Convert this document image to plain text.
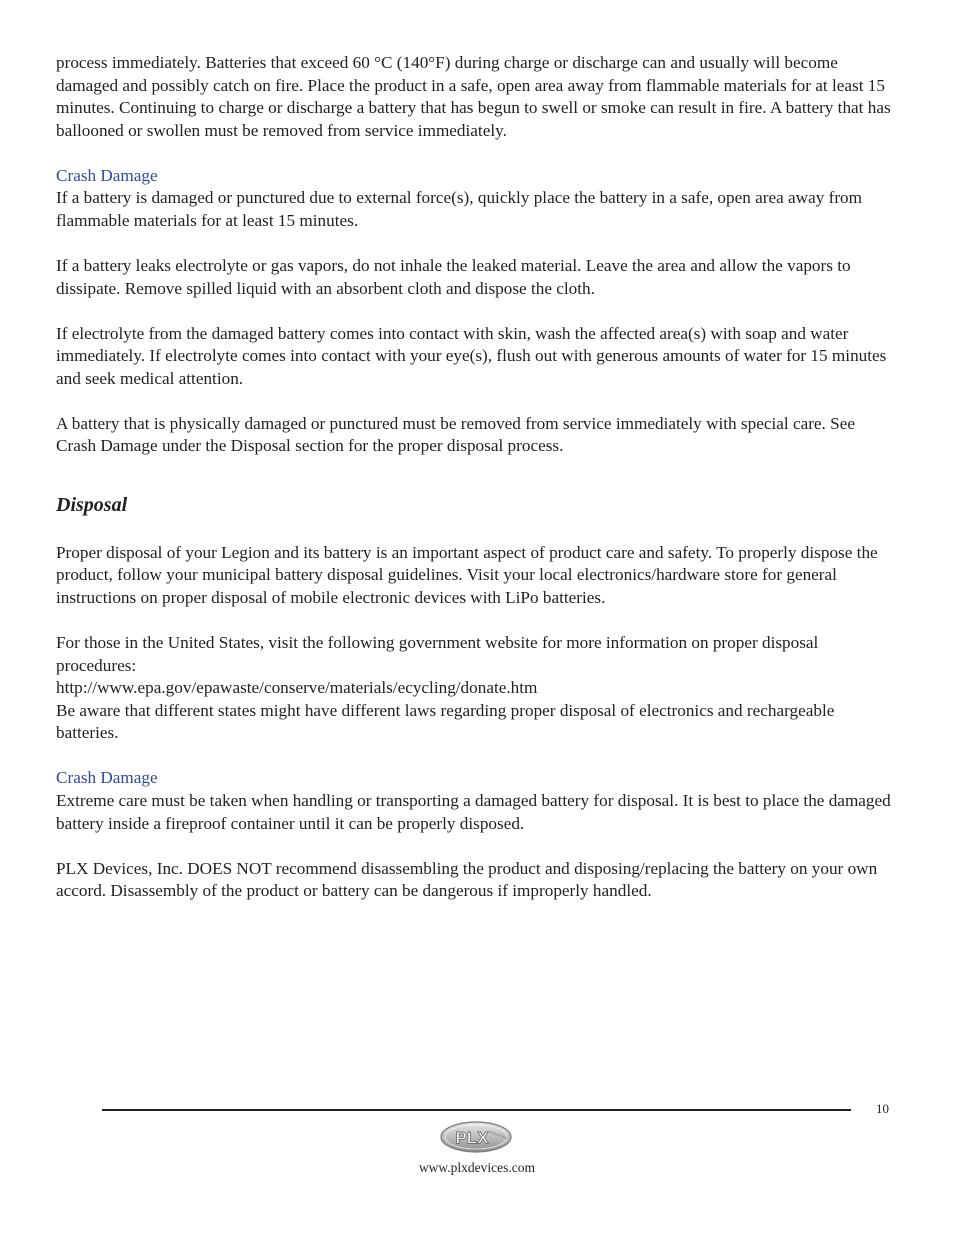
process immediately. Batteries that exceed 60 °C (140°F) during charge or discharge can and usually will become damaged and possibly catch on fire. Place the product in a safe, open area away from flammable materials for at least 15 minutes. Continuing to charge or discharge a battery that has begun to swell or smoke can result in fire. A battery that has ballooned or swollen must be removed from service immediately.

Crash Damage

If a battery is damaged or punctured due to external force(s), quickly place the battery in a safe, open area away from flammable materials for at least 15 minutes.

If a battery leaks electrolyte or gas vapors, do not inhale the leaked material. Leave the area and allow the vapors to dissipate. Remove spilled liquid with an absorbent cloth and dispose the cloth.

If electrolyte from the damaged battery comes into contact with skin, wash the affected area(s) with soap and water immediately. If electrolyte comes into contact with your eye(s), flush out with generous amounts of water for 15 minutes and seek medical attention.

A battery that is physically damaged or punctured must be removed from service immediately with special care. See Crash Damage under the Disposal section for the proper disposal process.

Disposal

Proper disposal of your Legion and its battery is an important aspect of product care and safety. To properly dispose the product, follow your municipal battery disposal guidelines. Visit your local electronics/hardware store for general instructions on proper disposal of mobile electronic devices with LiPo batteries.

For those in the United States, visit the following government website for more information on proper disposal procedures:

http://www.epa.gov/epawaste/conserve/materials/ecycling/donate.htm

Be aware that different states might have different laws regarding proper disposal of electronics and rechargeable batteries.

Crash Damage

Extreme care must be taken when handling or transporting a damaged battery for disposal. It is best to place the damaged battery inside a fireproof container until it can be properly disposed.

PLX Devices, Inc. DOES NOT recommend disassembling the product and disposing/replacing the battery on your own accord. Disassembly of the product or battery can be dangerous if improperly handled.

10
PLX DEVICES INC.
www.plxdevices.com
